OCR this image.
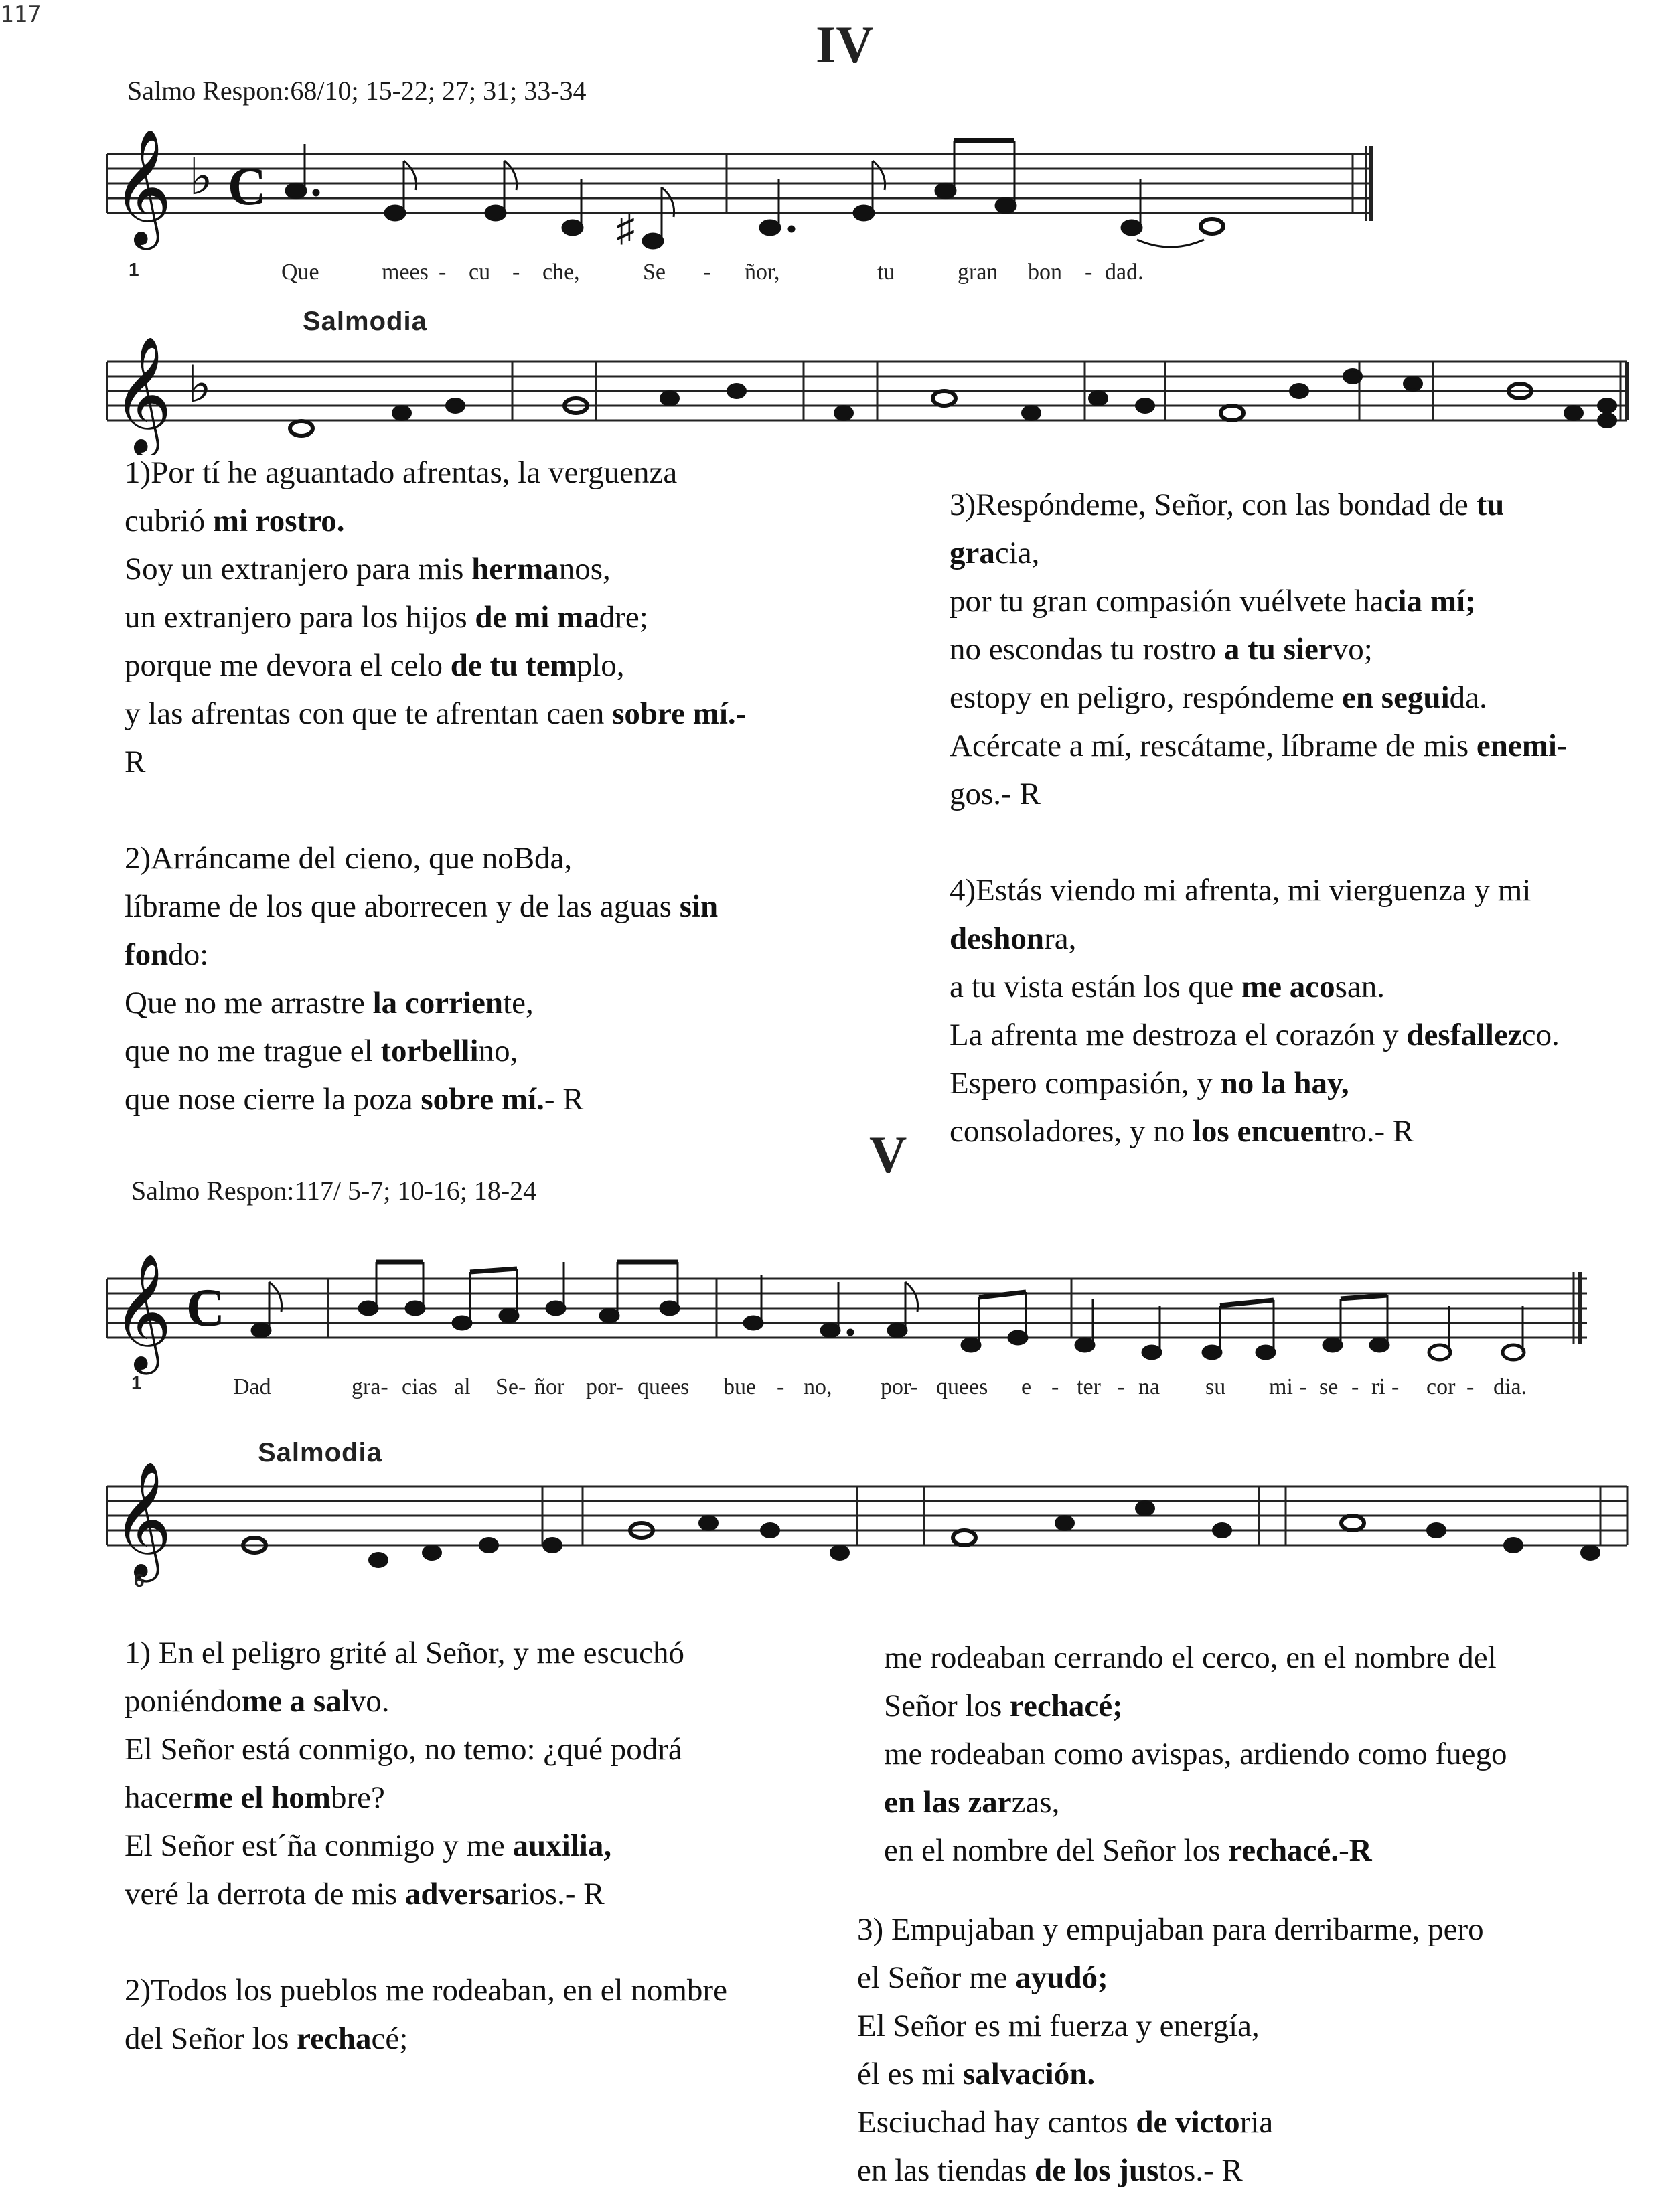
117
IV
Salmo Respon:68/10; 15-22; 27; 31; 33-34
𝄞 ♭ C
♯
1	Que	mees - cu - che,	Se - ñor,	tu	gran bon - dad.
Salmodia
𝄞 ♭
1)Por tí he aguantado afrentas, la verguenza
cubrió mi rostro.
Soy un extranjero para mis hermanos,
un extranjero para los hijos de mi madre;
porque me devora el celo de tu templo,
y las afrentas con que te afrentan caen sobre mí.-
R

2)Arráncame del cieno, que noBda,
líbrame de los que aborrecen y de las aguas sin
fondo:
Que no me arrastre la corriente,
que no me trague el torbellino,
que nose cierre la poza sobre mí.- R
3)Respóndeme, Señor, con las bondad de tu
gracia,
por tu gran compasión vuélvete hacia mí;
no escondas tu rostro a tu siervo;
estopy en peligro, respóndeme en seguida.
Acércate a mí, rescátame, líbrame de mis enemi-
gos.- R

4)Estás viendo mi afrenta, mi vierguenza y mi
deshonra,
a tu vista están los que me acosan.
La afrenta me destroza el corazón y desfallezco.
Espero compasión, y no la hay,
consoladores, y no los encuentro.- R
V
Salmo Respon:117/ 5-7; 10-16; 18-24
𝄞 C
1	Dad	gra- cias al Se- ñor por- quees bue - no, por- quees e - ter - na su mi - se - ri - cor - dia.
Salmodia
𝄞
6
1) En el peligro grité al Señor, y me escuchó
poniéndome a salvo.
El Señor está conmigo, no temo: ¿qué podrá
hacerme el hombre?
El Señor est´ña conmigo y me auxilia,
veré la derrota de mis adversarios.- R

2)Todos los pueblos me rodeaban, en el nombre
del Señor los rechacé;
me rodeaban cerrando el cerco, en el nombre del
Señor los rechacé;
me rodeaban como avispas, ardiendo como fuego
en las zarzas,
en el nombre del Señor los rechacé.-R
3) Empujaban y empujaban para derribarme, pero
el Señor me ayudó;
El Señor es mi fuerza y energía,
él es mi salvación.
Esciuchad hay cantos de victoria
en las tiendas de los justos.- R
